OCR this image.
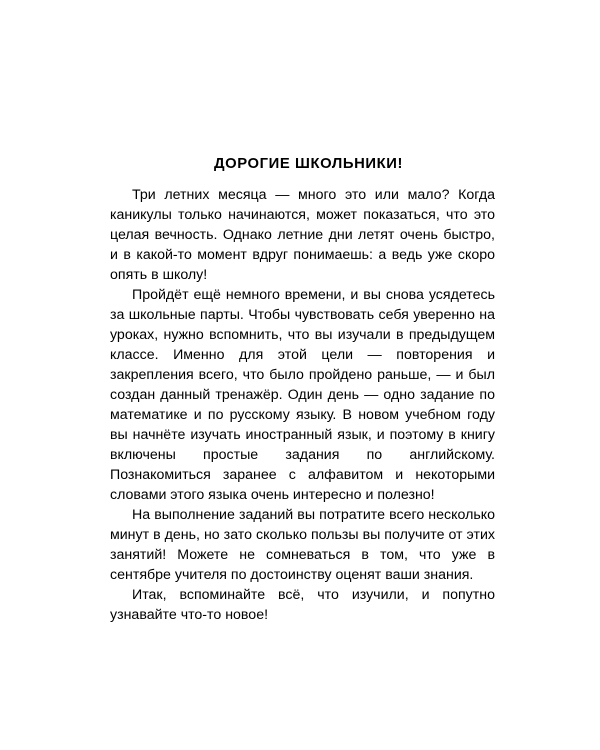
ДОРОГИЕ ШКОЛЬНИКИ!

Три летних месяца — много это или мало? Когда каникулы только начинаются, может показаться, что это целая вечность. Однако летние дни летят очень быстро, и в какой-то момент вдруг понимаешь: а ведь уже скоро опять в школу!

Пройдёт ещё немного времени, и вы снова усядетесь за школьные парты. Чтобы чувствовать себя уверенно на уроках, нужно вспомнить, что вы изучали в предыдущем классе. Именно для этой цели — повторения и закрепления всего, что было пройдено раньше, — и был создан данный тренажёр. Один день — одно задание по математике и по русскому языку. В новом учебном году вы начнёте изучать иностранный язык, и поэтому в книгу включены простые задания по английскому. Познакомиться заранее с алфавитом и некоторыми словами этого языка очень интересно и полезно!

На выполнение заданий вы потратите всего несколько минут в день, но зато сколько пользы вы получите от этих занятий! Можете не сомневаться в том, что уже в сентябре учителя по достоинству оценят ваши знания.

Итак, вспоминайте всё, что изучили, и попутно узнавайте что-то новое!
